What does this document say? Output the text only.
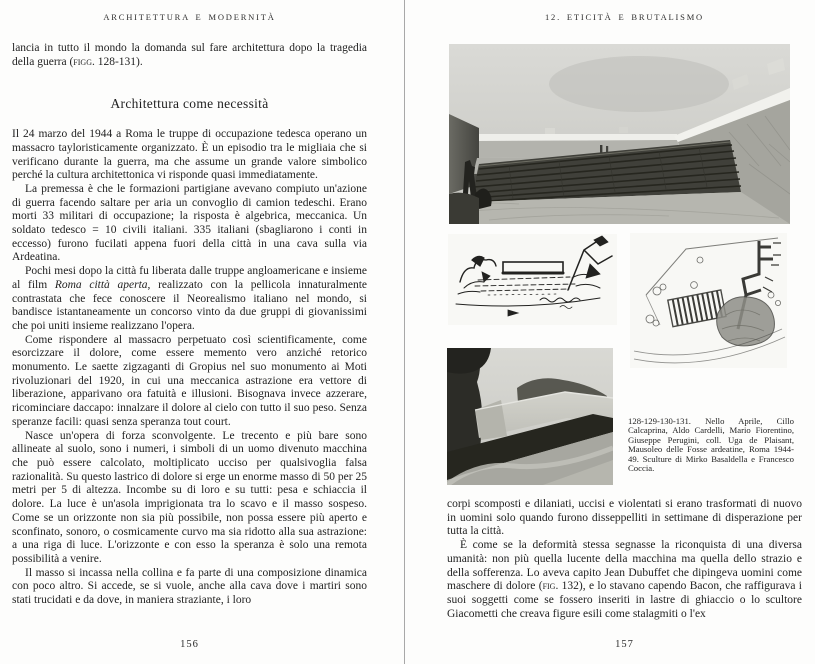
ARCHITETTURA E MODERNITÀ

lancia in tutto il mondo la domanda sul fare architettura dopo la tragedia della guerra (figg. 128-131).

Architettura come necessità

Il 24 marzo del 1944 a Roma le truppe di occupazione tedesca operano un massacro tayloristicamente organizzato. È un episodio tra le migliaia che si verificano durante la guerra, ma che assume un grande valore simbolico perché la cultura architettonica vi risponde quasi immediatamente.

La premessa è che le formazioni partigiane avevano compiuto un'azione di guerra facendo saltare per aria un convoglio di camion tedeschi. Erano morti 33 militari di occupazione; la risposta è algebrica, meccanica. Un soldato tedesco = 10 civili italiani. 335 italiani (sbagliarono i conti in eccesso) furono fucilati appena fuori della città in una cava sulla via Ardeatina.

Pochi mesi dopo la città fu liberata dalle truppe angloamericane e insieme al film Roma città aperta, realizzato con la pellicola innaturalmente contrastata che fece conoscere il Neorealismo italiano nel mondo, si bandisce istantaneamente un concorso vinto da due gruppi di giovanissimi che poi uniti insieme realizzano l'opera.

Come rispondere al massacro perpetuato così scientificamente, come esorcizzare il dolore, come essere memento vero anziché retorico monumento. Le saette zigzaganti di Gropius nel suo monumento ai Moti rivoluzionari del 1920, in cui una meccanica astrazione era vettore di liberazione, apparivano ora fatuità e illusioni. Bisognava invece azzerare, ricominciare daccapo: innalzare il dolore al cielo con tutto il suo peso. Senza speranze facili: quasi senza speranza tout court.

Nasce un'opera di forza sconvolgente. Le trecento e più bare sono allineate al suolo, sono i numeri, i simboli di un uomo divenuto macchina che può essere calcolato, moltiplicato ucciso per qualsivoglia falsa razionalità. Su questo lastrico di dolore si erge un enorme masso di 50 per 25 metri per 5 di altezza. Incombe su di loro e su tutti: pesa e schiaccia il dolore. La luce è un'asola imprigionata tra lo scavo e il masso sospeso. Come se un orizzonte non sia più possibile, non possa essere più aperto e sconfinato, sonoro, o cosmicamente curvo ma sia ridotto alla sua astrazione: a una riga di luce. L'orizzonte e con esso la speranza è solo una remota possibilità a venire.

Il masso si incassa nella collina e fa parte di una composizione dinamica con poco altro. Si accede, se si vuole, anche alla cava dove i martiri sono stati trucidati e da dove, in maniera straziante, i loro

156
12. ETICITÀ E BRUTALISMO
128-129-130-131. Nello Aprile, Cillo Calcaprina, Aldo Cardelli, Mario Fiorentino, Giuseppe Perugini, coll. Uga de Plaisant, Mausoleo delle Fosse ardeatine, Roma 1944-49. Sculture di Mirko Basaldella e Francesco Coccia.

corpi scomposti e dilaniati, uccisi e violentati si erano trasformati di nuovo in uomini solo quando furono disseppelliti in settimane di disperazione per tutta la città.

È come se la deformità stessa segnasse la riconquista di una diversa umanità: non più quella lucente della macchina ma quella dello strazio e della sofferenza. Lo aveva capito Jean Dubuffet che dipingeva uomini come maschere di dolore (fig. 132), e lo stavano capendo Bacon, che raffigurava i suoi soggetti come se fossero inseriti in lastre di ghiaccio o lo scultore Giacometti che creava figure esili come stalagmiti o l'ex

157
